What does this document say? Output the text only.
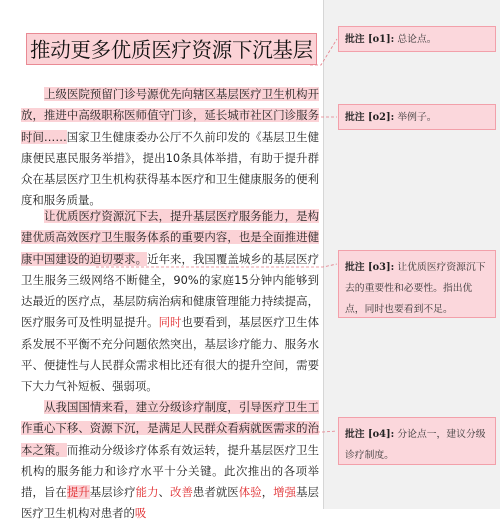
推动更多优质医疗资源下沉基层
上级医院预留门诊号源优先向辖区基层医疗卫生机构开放，推进中高级职称医师值守门诊，延长城市社区门诊服务时间……国家卫生健康委办公厅不久前印发的《基层卫生健康便民惠民服务举措》，提出10条具体举措，有助于提升群众在基层医疗卫生机构获得基本医疗和卫生健康服务的便利度和服务质量。
让优质医疗资源沉下去，提升基层医疗服务能力，是构建优质高效医疗卫生服务体系的重要内容，也是全面推进健康中国建设的迫切要求。近年来，我国覆盖城乡的基层医疗卫生服务三级网络不断健全，90%的家庭15分钟内能够到达最近的医疗点，基层防病治病和健康管理能力持续提高，医疗服务可及性明显提升。同时也要看到，基层医疗卫生体系发展不平衡不充分问题依然突出，基层诊疗能力、服务水平、便捷性与人民群众需求相比还有很大的提升空间，需要下大力气补短板、强弱项。
从我国国情来看，建立分级诊疗制度，引导医疗卫生工作重心下移、资源下沉，是满足人民群众看病就医需求的治本之策。而推动分级诊疗体系有效运转，提升基层医疗卫生机构的服务能力和诊疗水平十分关键。此次推出的各项举措，旨在提升基层诊疗能力、改善患者就医体验，增强基层医疗卫生机构对患者的吸
批注 [o1]: 总论点。
批注 [o2]: 举例子。
批注 [o3]: 让优质医疗资源沉下去的重要性和必要性。指出优点，同时也要看到不足。
批注 [o4]: 分论点一，建议分级诊疗制度。
